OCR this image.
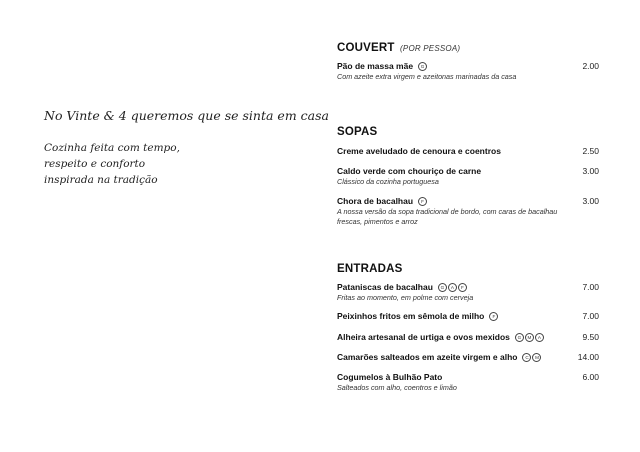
No Vinte & 4 queremos que se sinta em casa
Cozinha feita com tempo,
respeito e conforto
inspirada na tradição
COUVERT (POR PESSOA)
Pão de massa mãe G	2.00
Com azeite extra virgem e azeitonas marinadas da casa
SOPAS
Creme aveludado de cenoura e coentros	2.50
Caldo verde com chouriço de carne	3.00
Clássico da cozinha portuguesa
Chora de bacalhau F	3.00
A nossa versão da sopa tradicional de bordo, com caras de bacalhau
frescas, pimentos e arroz
ENTRADAS
Pataniscas de bacalhau G A F	7.00
Fritas ao momento, em polme com cerveja
Peixinhos fritos em sêmola de milho F	7.00
Alheira artesanal de urtiga e ovos mexidos G M A	9.50
Camarões salteados em azeite virgem e alho C M	14.00
Cogumelos à Bulhão Pato	6.00
Salteados com alho, coentros e limão
